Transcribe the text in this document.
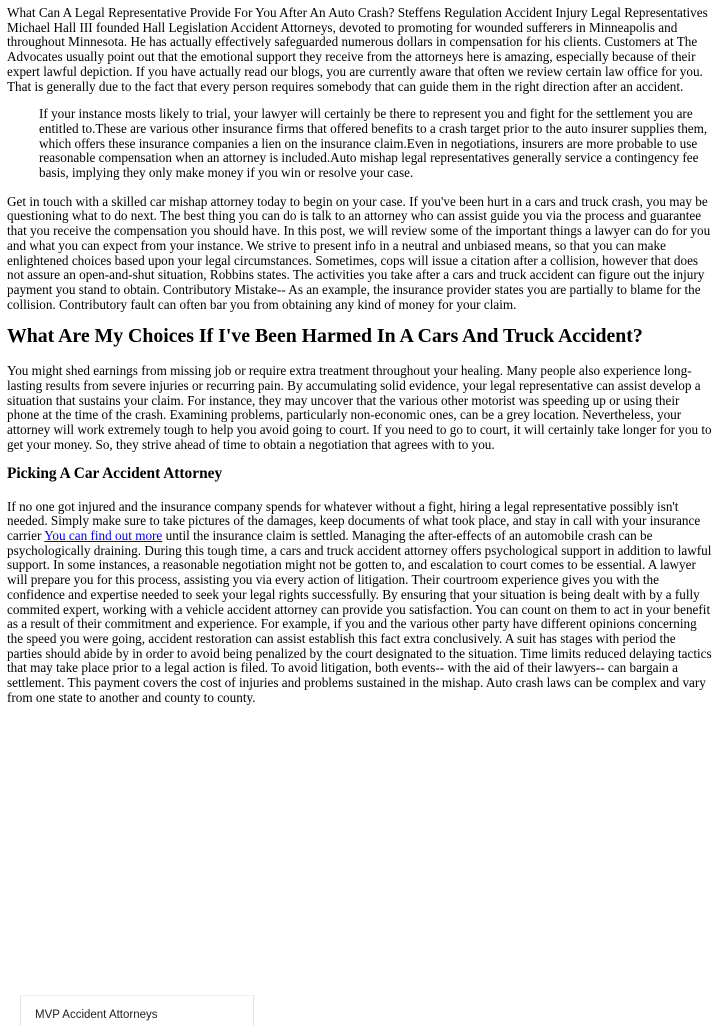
What Can A Legal Representative Provide For You After An Auto Crash? Steffens Regulation Accident Injury Legal Representatives Michael Hall III founded Hall Legislation Accident Attorneys, devoted to promoting for wounded sufferers in Minneapolis and throughout Minnesota. He has actually effectively safeguarded numerous dollars in compensation for his clients. Customers at The Advocates usually point out that the emotional support they receive from the attorneys here is amazing, especially because of their expert lawful depiction. If you have actually read our blogs, you are currently aware that often we review certain law office for you. That is generally due to the fact that every person requires somebody that can guide them in the right direction after an accident.

If your instance mosts likely to trial, your lawyer will certainly be there to represent you and fight for the settlement you are entitled to.These are various other insurance firms that offered benefits to a crash target prior to the auto insurer supplies them, which offers these insurance companies a lien on the insurance claim.Even in negotiations, insurers are more probable to use reasonable compensation when an attorney is included.Auto mishap legal representatives generally service a contingency fee basis, implying they only make money if you win or resolve your case.

Get in touch with a skilled car mishap attorney today to begin on your case. If you've been hurt in a cars and truck crash, you may be questioning what to do next. The best thing you can do is talk to an attorney who can assist guide you via the process and guarantee that you receive the compensation you should have. In this post, we will review some of the important things a lawyer can do for you and what you can expect from your instance. We strive to present info in a neutral and unbiased means, so that you can make enlightened choices based upon your legal circumstances. Sometimes, cops will issue a citation after a collision, however that does not assure an open-and-shut situation, Robbins states. The activities you take after a cars and truck accident can figure out the injury payment you stand to obtain. Contributory Mistake-- As an example, the insurance provider states you are partially to blame for the collision. Contributory fault can often bar you from obtaining any kind of money for your claim.

What Are My Choices If I've Been Harmed In A Cars And Truck Accident?

You might shed earnings from missing job or require extra treatment throughout your healing. Many people also experience long-lasting results from severe injuries or recurring pain. By accumulating solid evidence, your legal representative can assist develop a situation that sustains your claim. For instance, they may uncover that the various other motorist was speeding up or using their phone at the time of the crash. Examining problems, particularly non-economic ones, can be a grey location. Nevertheless, your attorney will work extremely tough to help you avoid going to court. If you need to go to court, it will certainly take longer for you to get your money. So, they strive ahead of time to obtain a negotiation that agrees with to you.

Picking A Car Accident Attorney

If no one got injured and the insurance company spends for whatever without a fight, hiring a legal representative possibly isn't needed. Simply make sure to take pictures of the damages, keep documents of what took place, and stay in call with your insurance carrier You can find out more until the insurance claim is settled. Managing the after-effects of an automobile crash can be psychologically draining. During this tough time, a cars and truck accident attorney offers psychological support in addition to lawful support. In some instances, a reasonable negotiation might not be gotten to, and escalation to court comes to be essential. A lawyer will prepare you for this process, assisting you via every action of litigation. Their courtroom experience gives you with the confidence and expertise needed to seek your legal rights successfully. By ensuring that your situation is being dealt with by a fully commited expert, working with a vehicle accident attorney can provide you satisfaction. You can count on them to act in your benefit as a result of their commitment and experience. For example, if you and the various other party have different opinions concerning the speed you were going, accident restoration can assist establish this fact extra conclusively. A suit has stages with period the parties should abide by in order to avoid being penalized by the court designated to the situation. Time limits reduced delaying tactics that may take place prior to a legal action is filed. To avoid litigation, both events-- with the aid of their lawyers-- can bargain a settlement. This payment covers the cost of injuries and problems sustained in the mishap. Auto crash laws can be complex and vary from one state to another and county to county.

MVP Accident Attorneys
